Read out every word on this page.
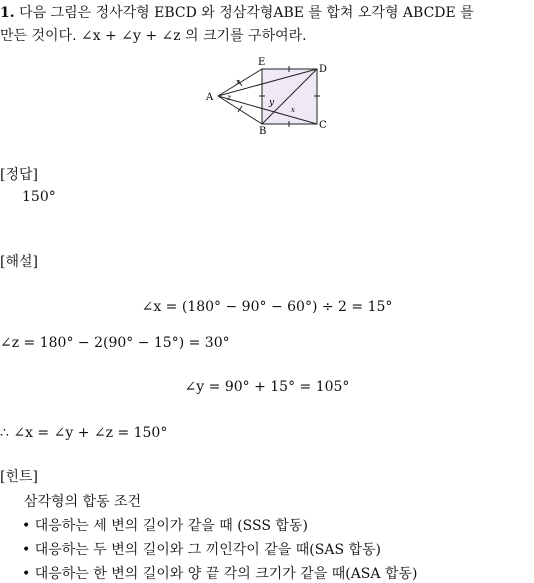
1. 다음 그림은 정사각형 EBCD 와 정삼각형ABE 를 합쳐 오각형 ABCDE 를
만든 것이다. ∠x + ∠y + ∠z 의 크기를 구하여라.
A
E
D
B
C
z
x
y
x
[정답]
150°
[해설]
∠x = (180° − 90° − 60°) ÷ 2 = 15°
∠z = 180° − 2(90° − 15°) = 30°
∠y = 90° + 15° = 105°
∴ ∠x = ∠y + ∠z = 150°
[힌트]
삼각형의 합동 조건
• 대응하는 세 변의 길이가 같을 때 (SSS 합동)
• 대응하는 두 변의 길이와 그 끼인각이 같을 때(SAS 합동)
• 대응하는 한 변의 길이와 양 끝 각의 크기가 같을 때(ASA 합동)
